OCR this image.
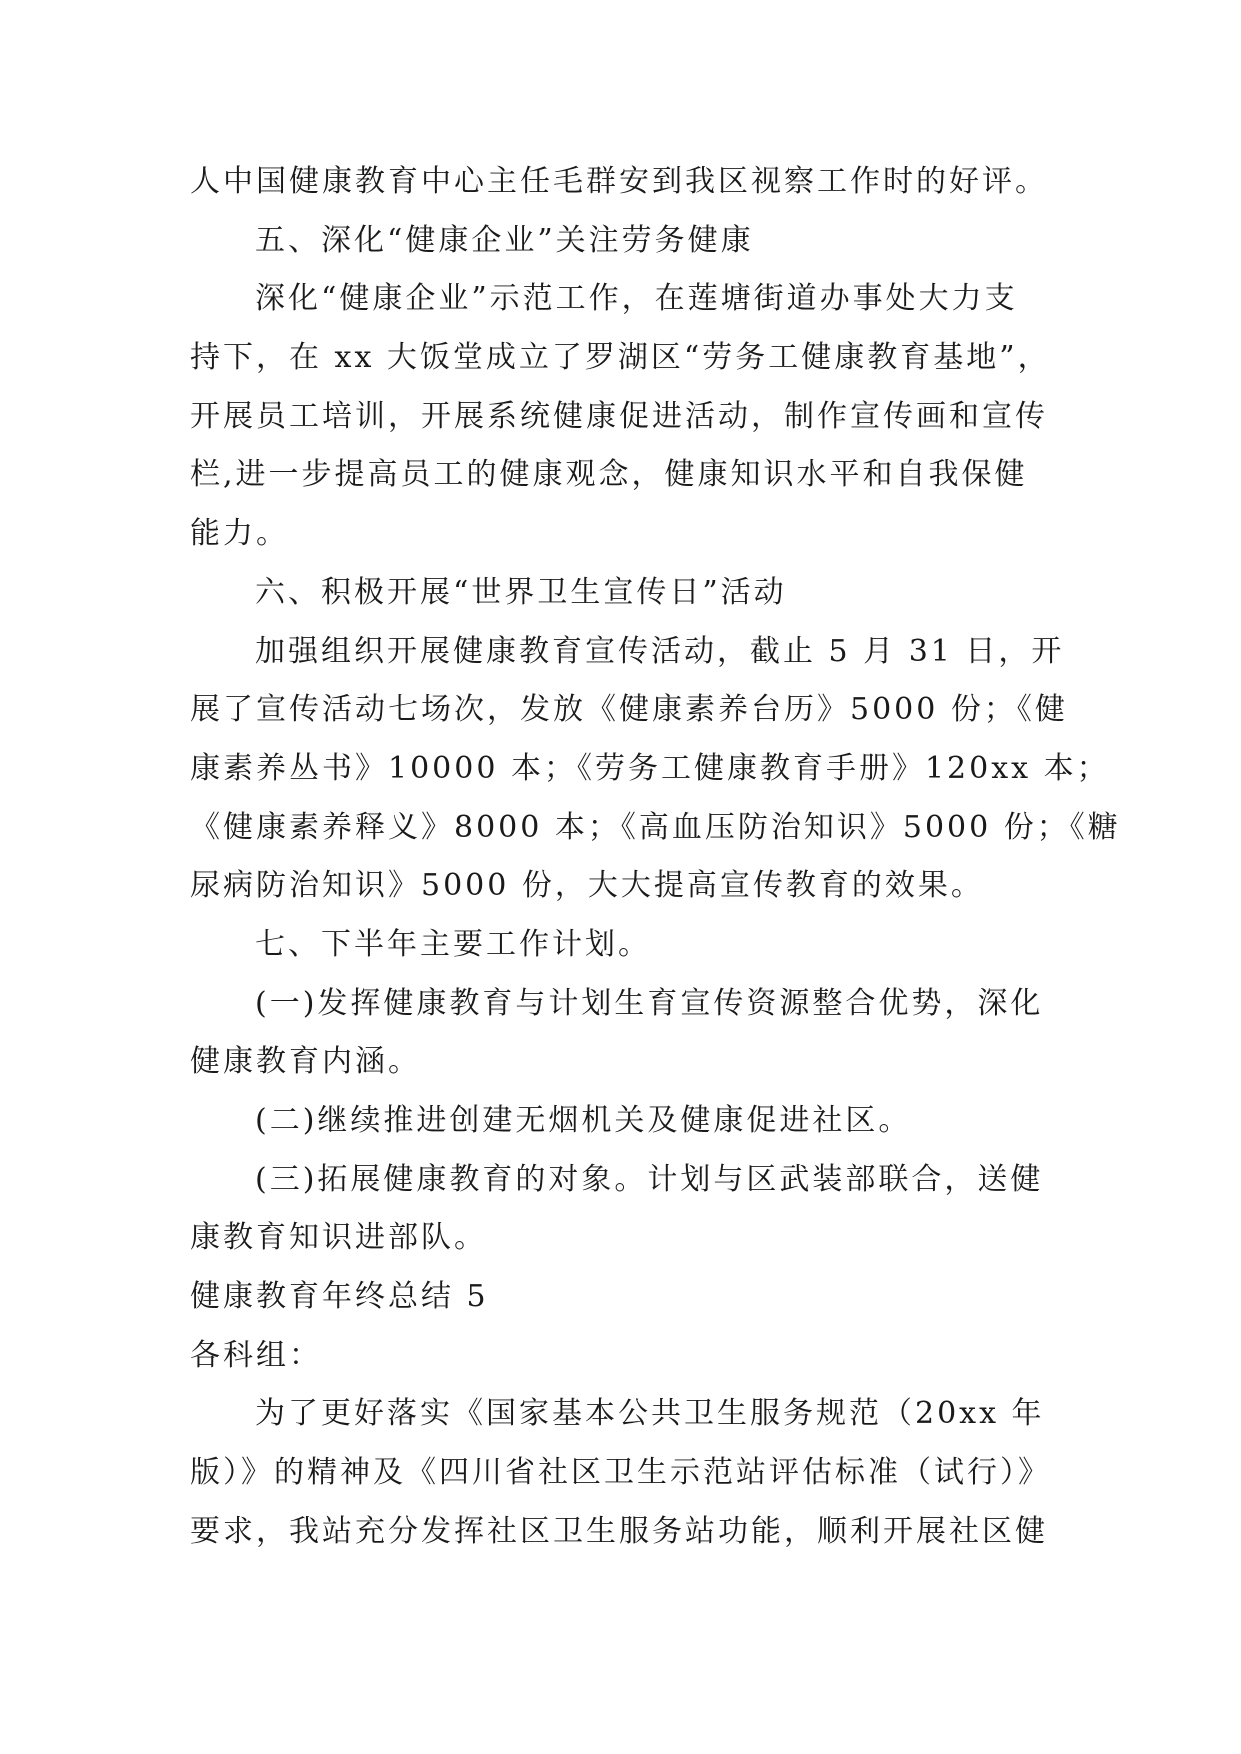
人中国健康教育中心主任毛群安到我区视察工作时的好评。
五、深化“健康企业”关注劳务健康
深化“健康企业”示范工作，在莲塘街道办事处大力支
持下，在 xx 大饭堂成立了罗湖区“劳务工健康教育基地”，
开展员工培训，开展系统健康促进活动，制作宣传画和宣传
栏,进一步提高员工的健康观念，健康知识水平和自我保健
能力。
六、积极开展“世界卫生宣传日”活动
加强组织开展健康教育宣传活动，截止 5 月 31 日，开
展了宣传活动七场次，发放《健康素养台历》5000 份；《健
康素养丛书》10000 本；《劳务工健康教育手册》120xx 本；
《健康素养释义》8000 本；《高血压防治知识》5000 份；《糖
尿病防治知识》5000 份，大大提高宣传教育的效果。
七、下半年主要工作计划。
(一)发挥健康教育与计划生育宣传资源整合优势，深化
健康教育内涵。
(二)继续推进创建无烟机关及健康促进社区。
(三)拓展健康教育的对象。计划与区武装部联合，送健
康教育知识进部队。
健康教育年终总结 5
各科组：
为了更好落实《国家基本公共卫生服务规范（20xx 年
版）》的精神及《四川省社区卫生示范站评估标准（试行）》
要求，我站充分发挥社区卫生服务站功能，顺利开展社区健
